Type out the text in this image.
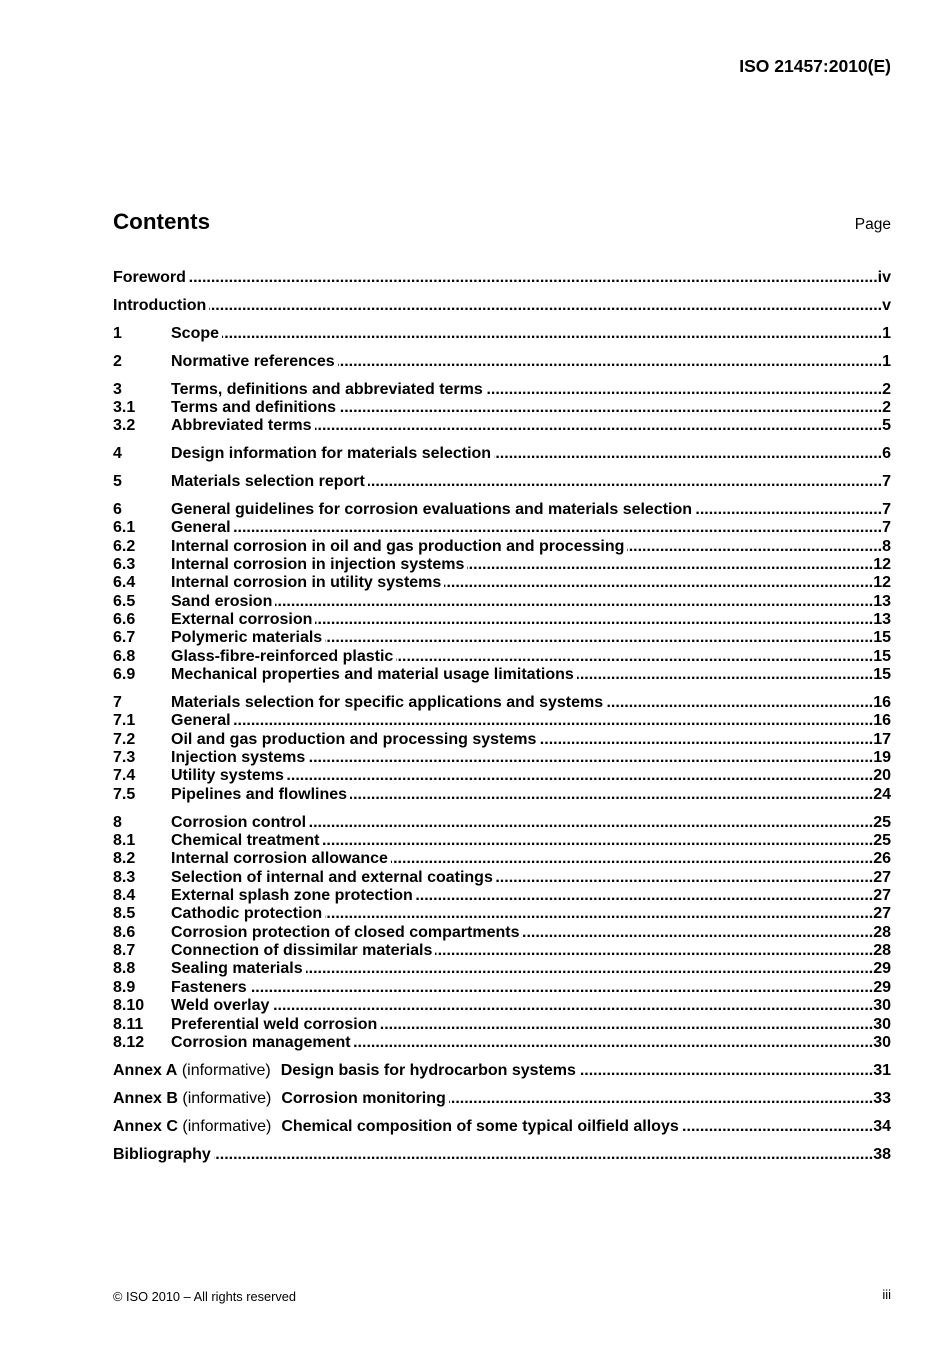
ISO 21457:2010(E)
Contents	Page
Foreword .....	iv
Introduction .....	v
1	Scope .....	1
2	Normative references .....	1
3	Terms, definitions and abbreviated terms .....	2
3.1	Terms and definitions .....	2
3.2	Abbreviated terms .....	5
4	Design information for materials selection .....	6
5	Materials selection report .....	7
6	General guidelines for corrosion evaluations and materials selection .....	7
6.1	General .....	7
6.2	Internal corrosion in oil and gas production and processing .....	8
6.3	Internal corrosion in injection systems .....	12
6.4	Internal corrosion in utility systems .....	12
6.5	Sand erosion .....	13
6.6	External corrosion .....	13
6.7	Polymeric materials .....	15
6.8	Glass-fibre-reinforced plastic .....	15
6.9	Mechanical properties and material usage limitations .....	15
7	Materials selection for specific applications and systems .....	16
7.1	General .....	16
7.2	Oil and gas production and processing systems .....	17
7.3	Injection systems .....	19
7.4	Utility systems .....	20
7.5	Pipelines and flowlines .....	24
8	Corrosion control .....	25
8.1	Chemical treatment .....	25
8.2	Internal corrosion allowance .....	26
8.3	Selection of internal and external coatings .....	27
8.4	External splash zone protection .....	27
8.5	Cathodic protection .....	27
8.6	Corrosion protection of closed compartments .....	28
8.7	Connection of dissimilar materials .....	28
8.8	Sealing materials .....	29
8.9	Fasteners .....	29
8.10	Weld overlay .....	30
8.11	Preferential weld corrosion .....	30
8.12	Corrosion management .....	30
Annex A (informative) Design basis for hydrocarbon systems .....	31
Annex B (informative) Corrosion monitoring .....	33
Annex C (informative) Chemical composition of some typical oilfield alloys .....	34
Bibliography .....	38
© ISO 2010 – All rights reserved	iii
